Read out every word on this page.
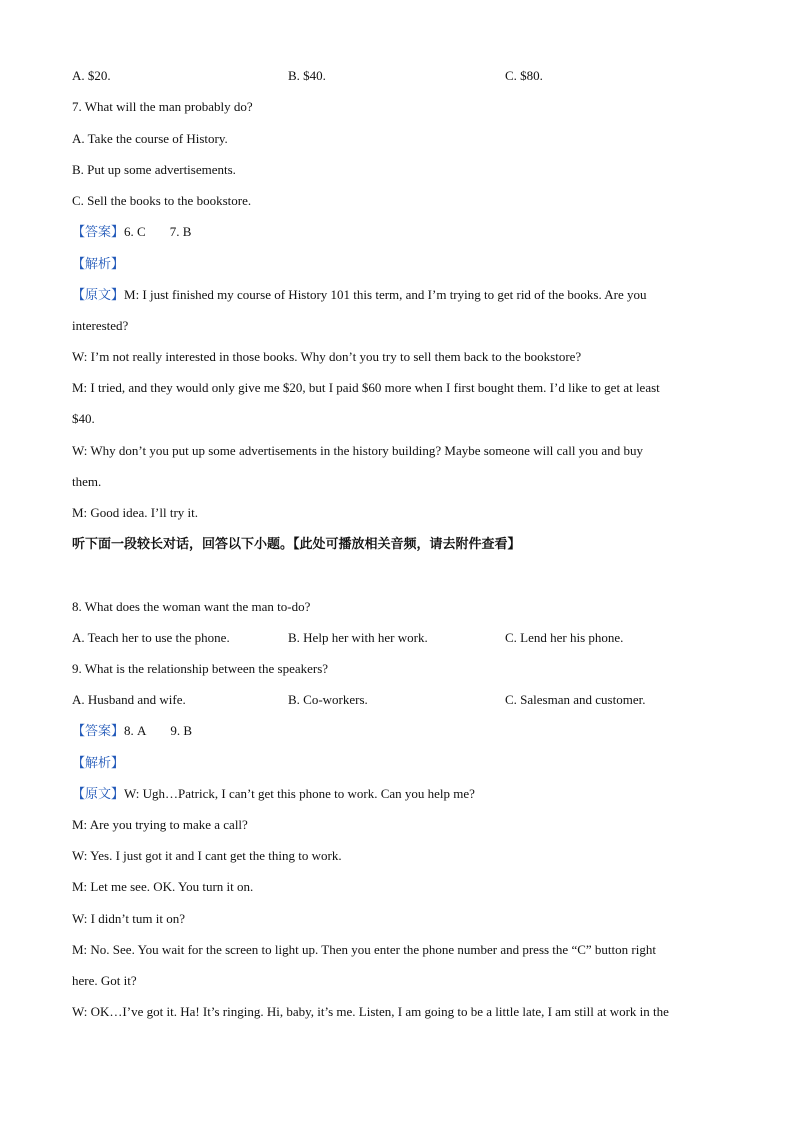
A. $20.	B. $40.	C. $80.
7. What will the man probably do?
A. Take the course of History.
B. Put up some advertisements.
C. Sell the books to the bookstore.
【答案】6. C 7. B
【解析】
【原文】M: I just finished my course of History 101 this term, and I’m trying to get rid of the books. Are you
interested?
W: I’m not really interested in those books. Why don’t you try to sell them back to the bookstore?
M: I tried, and they would only give me $20, but I paid $60 more when I first bought them. I’d like to get at least
$40.
W: Why don’t you put up some advertisements in the history building? Maybe someone will call you and buy
them.
M: Good idea. I’ll try it.
听下面一段较长对话，回答以下小题。【此处可播放相关音频，请去附件查看】
8. What does the woman want the man to-do?
A. Teach her to use the phone.	B. Help her with her work.	C. Lend her his phone.
9. What is the relationship between the speakers?
A. Husband and wife.	B. Co-workers.	C. Salesman and customer.
【答案】8. A 9. B
【解析】
【原文】W: Ugh…Patrick, I can’t get this phone to work. Can you help me?
M: Are you trying to make a call?
W: Yes. I just got it and I cant get the thing to work.
M: Let me see. OK. You turn it on.
W: I didn’t tum it on?
M: No. See. You wait for the screen to light up. Then you enter the phone number and press the “C” button right
here. Got it?
W: OK…I’ve got it. Ha! It’s ringing. Hi, baby, it’s me. Listen, I am going to be a little late, I am still at work in the
